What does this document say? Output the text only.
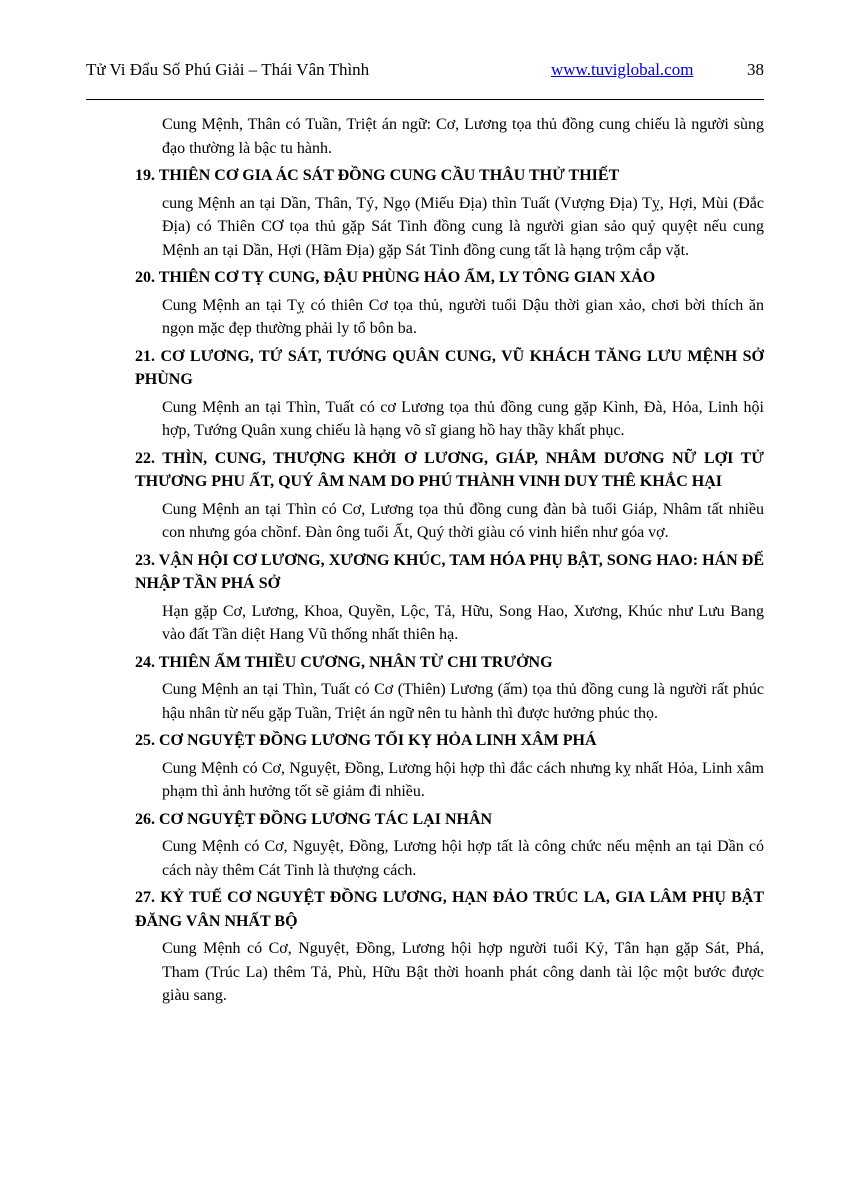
Tử Vi Đẩu Số Phú Giải – Thái Vân Thình	www.tuviglobal.com	38

Cung Mệnh, Thân có Tuần, Triệt án ngữ: Cơ, Lương tọa thủ đồng cung chiếu là người sùng đạo thường là bậc tu hành.

19. THIÊN CƠ GIA ÁC SÁT ĐỒNG CUNG CẦU THÂU THỬ THIẾT

cung Mệnh an tại Dần, Thân, Tý, Ngọ (Miếu Địa) thìn Tuất (Vượng Địa) Tỵ, Hợi, Mùi (Đắc Địa) có Thiên CƠ tọa thủ gặp Sát Tinh đồng cung là người gian sảo quỷ quyệt nếu cung Mệnh an tại Dần, Hợi (Hãm Địa) gặp Sát Tinh đồng cung tất là hạng trộm cắp vặt.

20. THIÊN CƠ TỴ CUNG, ĐẬU PHÙNG HẢO ẨM, LY TÔNG GIAN XẢO

Cung Mệnh an tại Tỵ có thiên Cơ tọa thủ, người tuổi Dậu thời gian xảo, chơi bời thích ăn ngọn mặc đẹp thường phải ly tổ bôn ba.

21. CƠ LƯƠNG, TỨ SÁT, TƯỚNG QUÂN CUNG, VŨ KHÁCH TĂNG LƯU MỆNH SỞ PHÙNG

Cung Mệnh an tại Thìn, Tuất có cơ Lương tọa thủ đồng cung gặp Kình, Đà, Hỏa, Linh hội hợp, Tướng Quân xung chiếu là hạng võ sĩ giang hồ hay thầy khất phục.

22. THÌN, CUNG, THƯỢNG KHỞI Ơ LƯƠNG, GIÁP, NHÂM DƯƠNG NỮ LỢI TỬ THƯƠNG PHU ẤT, QUÝ ÂM NAM DO PHÚ THÀNH VINH DUY THÊ KHẮC HẠI

Cung Mệnh an tại Thìn có Cơ, Lương tọa thủ đồng cung đàn bà tuổi Giáp, Nhâm tất nhiều con nhưng góa chồnf. Đàn ông tuổi Ất, Quý thời giàu có vinh hiển như góa vợ.

23. VẬN HỘI CƠ LƯƠNG, XƯƠNG KHÚC, TAM HÓA PHỤ BẬT, SONG HAO: HÁN ĐẾ NHẬP TẦN PHÁ SỞ

Hạn gặp Cơ, Lương, Khoa, Quyền, Lộc, Tả, Hữu, Song Hao, Xương, Khúc như Lưu Bang vào đất Tần diệt Hang Vũ thống nhất thiên hạ.

24. THIÊN ẤM THIỀU CƯƠNG, NHÂN TỪ CHI TRƯỞNG

Cung Mệnh an tại Thìn, Tuất có Cơ (Thiên) Lương (ấm) tọa thủ đồng cung là người rất phúc hậu nhân từ nếu gặp Tuần, Triệt án ngữ nên tu hành thì được hưởng phúc thọ.

25. CƠ NGUYỆT ĐỒNG LƯƠNG TỐI KỴ HỎA LINH XÂM PHÁ

Cung Mệnh có Cơ, Nguyệt, Đồng, Lương hội hợp thì đắc cách nhưng kỵ nhất Hỏa, Linh xâm phạm thì ảnh hưởng tốt sẽ giảm đi nhiều.

26. CƠ NGUYỆT ĐỒNG LƯƠNG TÁC LẠI NHÂN

Cung Mệnh có Cơ, Nguyệt, Đồng, Lương hội hợp tất là công chức nếu mệnh an tại Dần có cách này thêm Cát Tinh là thượng cách.

27. KỶ TUẾ CƠ NGUYỆT ĐỒNG LƯƠNG, HẠN ĐẢO TRÚC LA, GIA LÂM PHỤ BẬT ĐĂNG VÂN NHẤT BỘ

Cung Mệnh có Cơ, Nguyệt, Đồng, Lương hội hợp người tuổi Kỷ, Tân hạn gặp Sát, Phá, Tham (Trúc La) thêm Tả, Phù, Hữu Bật thời hoanh phát công danh tài lộc một bước được giàu sang.
